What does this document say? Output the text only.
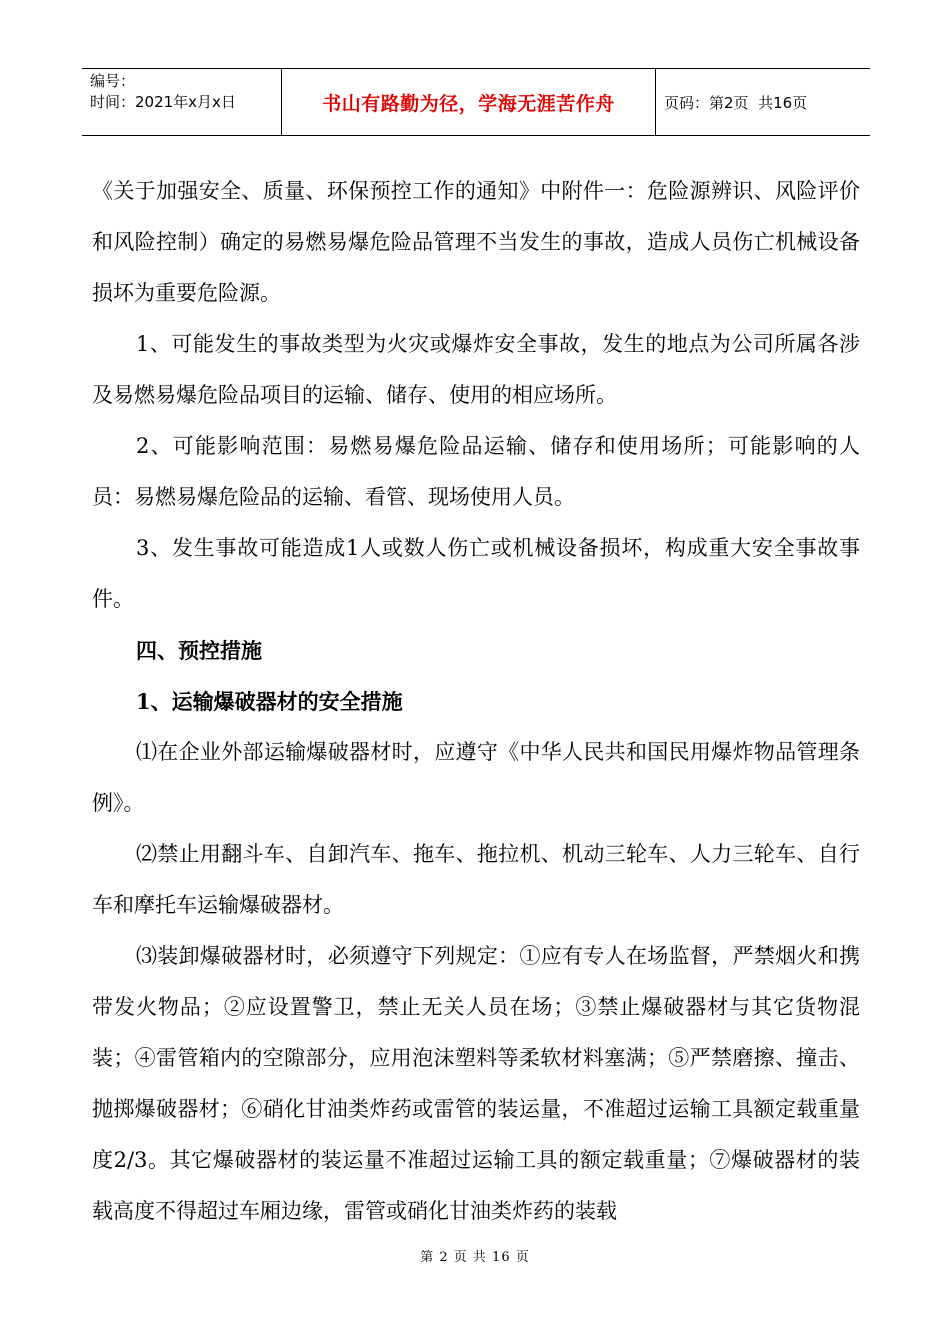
编号：
时间：2021年x月x日	书山有路勤为径，学海无涯苦作舟	页码：第2页  共16页

《关于加强安全、质量、环保预控工作的通知》中附件一：危险源辨识、风险评价和风险控制）确定的易燃易爆危险品管理不当发生的事故，造成人员伤亡机械设备损坏为重要危险源。

1、可能发生的事故类型为火灾或爆炸安全事故，发生的地点为公司所属各涉及易燃易爆危险品项目的运输、储存、使用的相应场所。

2、可能影响范围：易燃易爆危险品运输、储存和使用场所；可能影响的人员：易燃易爆危险品的运输、看管、现场使用人员。

3、发生事故可能造成1人或数人伤亡或机械设备损坏，构成重大安全事故事件。

四、预控措施

1、运输爆破器材的安全措施

⑴在企业外部运输爆破器材时，应遵守《中华人民共和国民用爆炸物品管理条例》。

⑵禁止用翻斗车、自卸汽车、拖车、拖拉机、机动三轮车、人力三轮车、自行车和摩托车运输爆破器材。

⑶装卸爆破器材时，必须遵守下列规定：①应有专人在场监督，严禁烟火和携带发火物品；②应设置警卫，禁止无关人员在场；③禁止爆破器材与其它货物混装；④雷管箱内的空隙部分，应用泡沫塑料等柔软材料塞满；⑤严禁磨擦、撞击、抛掷爆破器材；⑥硝化甘油类炸药或雷管的装运量，不准超过运输工具额定载重量度2/3。其它爆破器材的装运量不准超过运输工具的额定载重量；⑦爆破器材的装载高度不得超过车厢边缘，雷管或硝化甘油类炸药的装载

第 2 页 共 16 页
